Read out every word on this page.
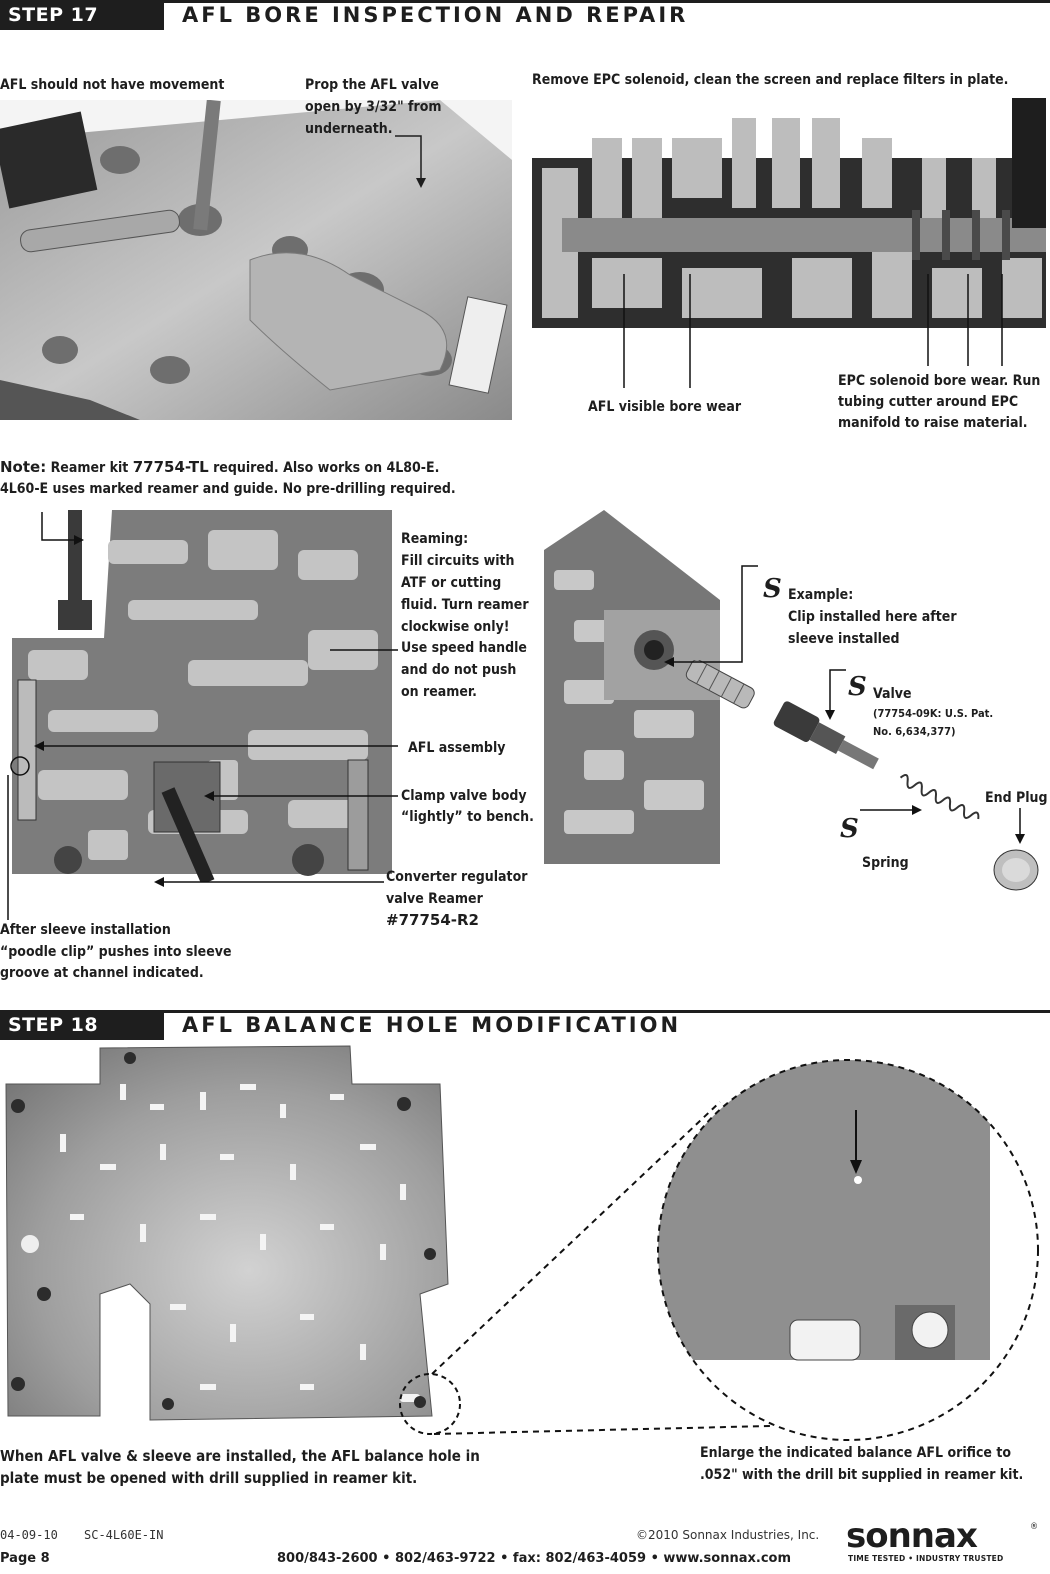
STEP 17	AFL BORE INSPECTION AND REPAIR
AFL should not have movement	Prop the AFL valve
open by 3/32" from
underneath.
Remove EPC solenoid, clean the screen and replace filters in plate.
AFL visible bore wear
EPC solenoid bore wear. Run
tubing cutter around EPC
manifold to raise material.
Note: Reamer kit 77754-TL required. Also works on 4L80-E.
4L60-E uses marked reamer and guide. No pre-drilling required.
Reaming:
Fill circuits with
ATF or cutting
fluid. Turn reamer
clockwise only!
Use speed handle
and do not push
on reamer.
AFL assembly
Clamp valve body
“lightly” to bench.
Converter regulator
valve Reamer
#77754-R2
After sleeve installation
“poodle clip” pushes into sleeve
groove at channel indicated.
S
S
S
Example:
Clip installed here after
sleeve installed
Valve
(77754-09K: U.S. Pat.
No. 6,634,377)
End Plug
Spring
STEP 18	AFL BALANCE HOLE MODIFICATION
When AFL valve & sleeve are installed, the AFL balance hole in
plate must be opened with drill supplied in reamer kit.
Enlarge the indicated balance AFL orifice to
.052" with the drill bit supplied in reamer kit.
04-09-10 SC-4L60E-IN	©2010 Sonnax Industries, Inc.
Page 8	800/843-2600 • 802/463-9722 • fax: 802/463-4059 • www.sonnax.com
sonnax	®
TIME TESTED • INDUSTRY TRUSTED
